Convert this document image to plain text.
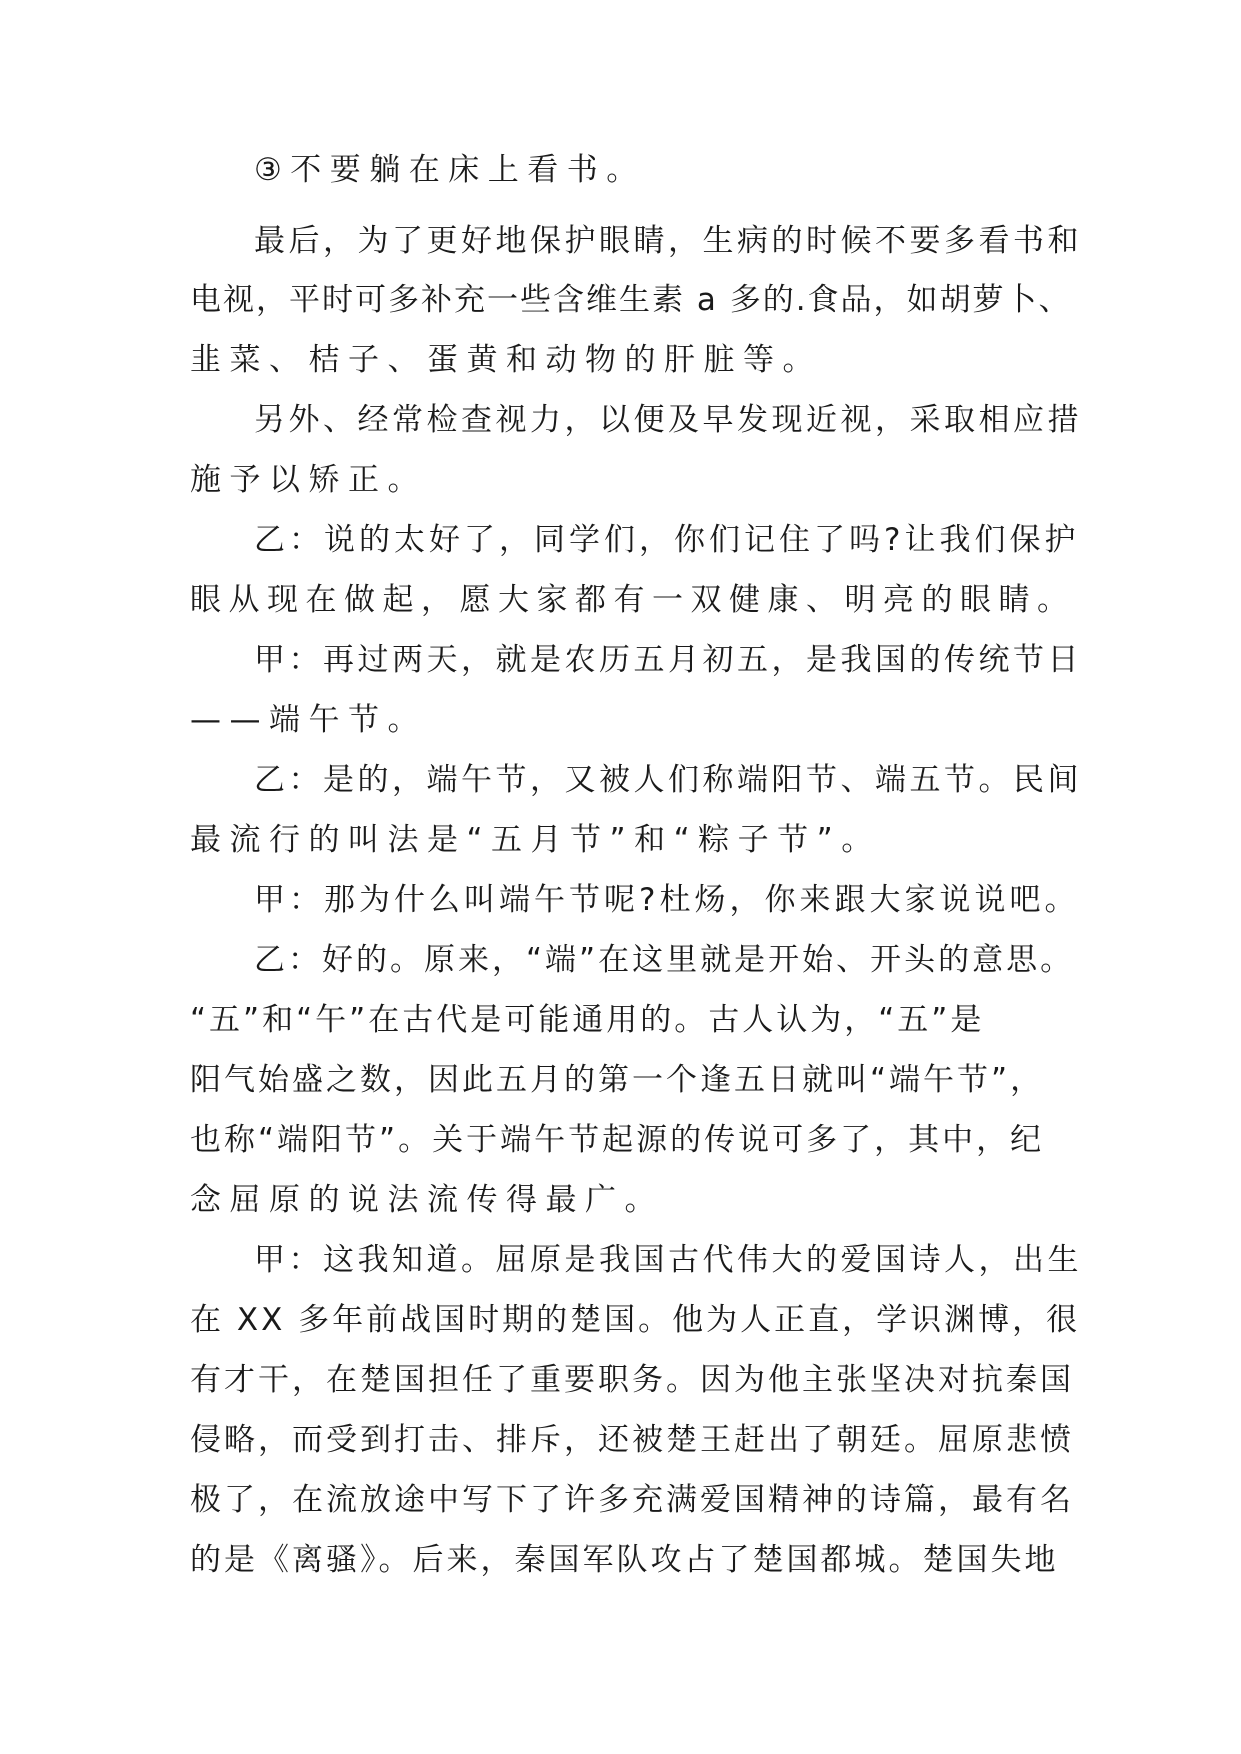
③不要躺在床上看书。
最后，为了更好地保护眼睛，生病的时候不要多看书和
电视，平时可多补充一些含维生素 a 多的.食品，如胡萝卜、
韭菜、桔子、蛋黄和动物的肝脏等。
另外、经常检查视力，以便及早发现近视，采取相应措
施予以矫正。
乙：说的太好了，同学们，你们记住了吗?让我们保护
眼从现在做起，愿大家都有一双健康、明亮的眼睛。
甲：再过两天，就是农历五月初五，是我国的传统节日
——端午节。
乙：是的，端午节，又被人们称端阳节、端五节。民间
最流行的叫法是“五月节”和“粽子节”。
甲：那为什么叫端午节呢?杜炀，你来跟大家说说吧。
乙：好的。原来，“端”在这里就是开始、开头的意思。
“五”和“午”在古代是可能通用的。古人认为，“五”是
阳气始盛之数，因此五月的第一个逢五日就叫“端午节”，
也称“端阳节”。关于端午节起源的传说可多了，其中，纪
念屈原的说法流传得最广。
甲：这我知道。屈原是我国古代伟大的爱国诗人，出生
在 XX 多年前战国时期的楚国。他为人正直，学识渊博，很
有才干，在楚国担任了重要职务。因为他主张坚决对抗秦国
侵略，而受到打击、排斥，还被楚王赶出了朝廷。屈原悲愤
极了，在流放途中写下了许多充满爱国精神的诗篇，最有名
的是《离骚》。后来，秦国军队攻占了楚国都城。楚国失地
